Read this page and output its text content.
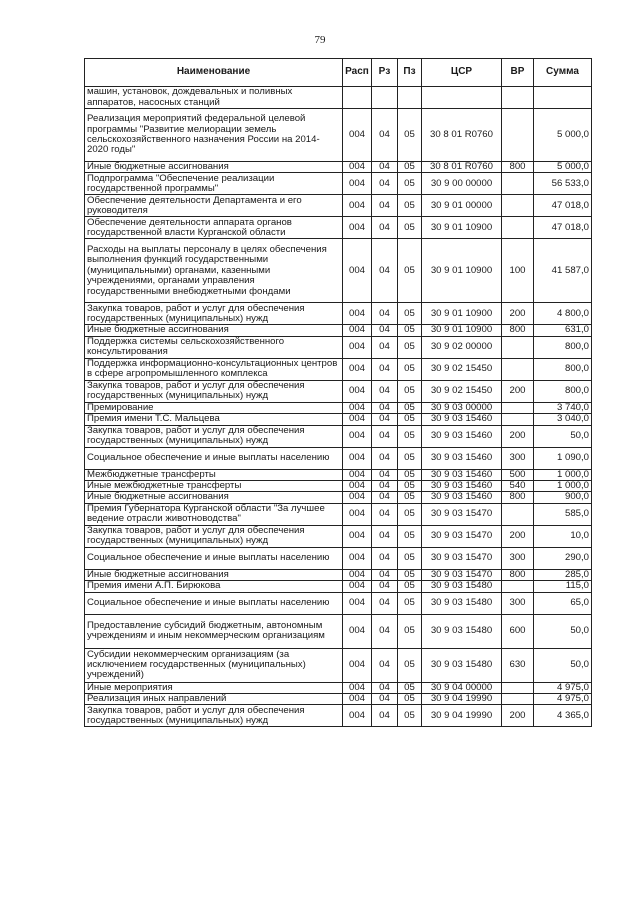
79
Наименование	Расп	Рз	Пз	ЦСР	ВР	Сумма
машин, установок, дождевальных и поливных аппаратов, насосных станций						
Реализация мероприятий федеральной целевой программы "Развитие мелиорации земель сельскохозяйственного назначения России на 2014-2020 годы"	004	04	05	30 8 01 R0760		5 000,0
Иные бюджетные ассигнования	004	04	05	30 8 01 R0760	800	5 000,0
Подпрограмма "Обеспечение реализации государственной программы"	004	04	05	30 9 00 00000		56 533,0
Обеспечение деятельности Департамента и его руководителя	004	04	05	30 9 01 00000		47 018,0
Обеспечение деятельности аппарата органов государственной власти Курганской области	004	04	05	30 9 01 10900		47 018,0
Расходы на выплаты персоналу в целях обеспечения выполнения функций государственными (муниципальными) органами, казенными учреждениями, органами управления государственными внебюджетными фондами	004	04	05	30 9 01 10900	100	41 587,0
Закупка товаров, работ и услуг для обеспечения государственных (муниципальных) нужд	004	04	05	30 9 01 10900	200	4 800,0
Иные бюджетные ассигнования	004	04	05	30 9 01 10900	800	631,0
Поддержка системы сельскохозяйственного консультирования	004	04	05	30 9 02 00000		800,0
Поддержка информационно-консультационных центров в сфере агропромышленного комплекса	004	04	05	30 9 02 15450		800,0
Закупка товаров, работ и услуг для обеспечения государственных (муниципальных) нужд	004	04	05	30 9 02 15450	200	800,0
Премирование	004	04	05	30 9 03 00000		3 740,0
Премия имени Т.С. Мальцева	004	04	05	30 9 03 15460		3 040,0
Закупка товаров, работ и услуг для обеспечения государственных (муниципальных) нужд	004	04	05	30 9 03 15460	200	50,0
Социальное обеспечение и иные выплаты населению	004	04	05	30 9 03 15460	300	1 090,0
Межбюджетные трансферты	004	04	05	30 9 03 15460	500	1 000,0
Иные межбюджетные трансферты	004	04	05	30 9 03 15460	540	1 000,0
Иные бюджетные ассигнования	004	04	05	30 9 03 15460	800	900,0
Премия Губернатора Курганской области "За лучшее ведение отрасли животноводства"	004	04	05	30 9 03 15470		585,0
Закупка товаров, работ и услуг для обеспечения государственных (муниципальных) нужд	004	04	05	30 9 03 15470	200	10,0
Социальное обеспечение и иные выплаты населению	004	04	05	30 9 03 15470	300	290,0
Иные бюджетные ассигнования	004	04	05	30 9 03 15470	800	285,0
Премия имени А.П. Бирюкова	004	04	05	30 9 03 15480		115,0
Социальное обеспечение и иные выплаты населению	004	04	05	30 9 03 15480	300	65,0
Предоставление субсидий бюджетным, автономным учреждениям и иным некоммерческим организациям	004	04	05	30 9 03 15480	600	50,0
Субсидии некоммерческим организациям (за исключением государственных (муниципальных) учреждений)	004	04	05	30 9 03 15480	630	50,0
Иные мероприятия	004	04	05	30 9 04 00000		4 975,0
Реализация иных направлений	004	04	05	30 9 04 19990		4 975,0
Закупка товаров, работ и услуг для обеспечения государственных (муниципальных) нужд	004	04	05	30 9 04 19990	200	4 365,0
